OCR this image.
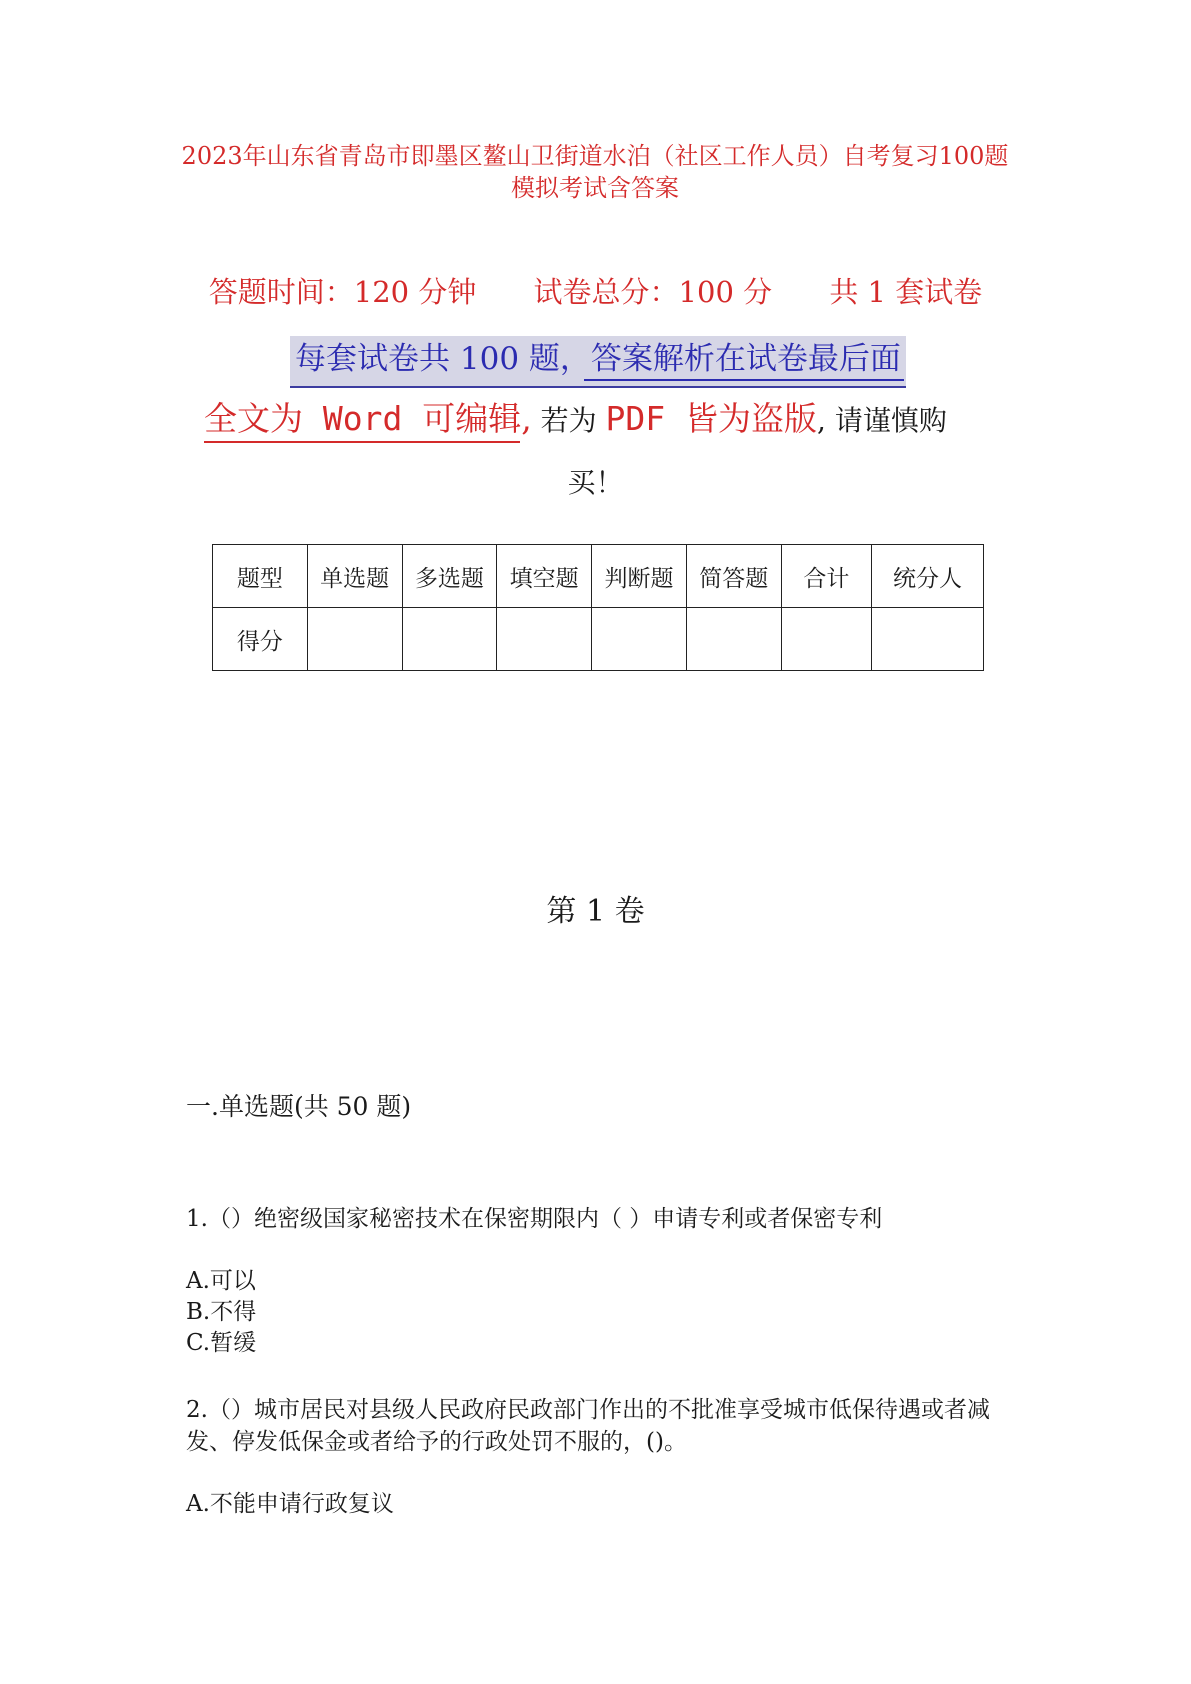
2023年山东省青岛市即墨区鳌山卫街道水泊（社区工作人员）自考复习100题
模拟考试含答案
答题时间：120 分钟 试卷总分：100 分 共 1 套试卷
每套试卷共 100 题，答案解析在试卷最后面
全文为 Word 可编辑, 若为 PDF 皆为盗版, 请谨慎购
买！
题型	单选题	多选题	填空题	判断题	简答题	合计	统分人
得分							
第 1 卷
一.单选题(共 50 题)
1.（）绝密级国家秘密技术在保密期限内（ ）申请专利或者保密专利
A.可以
B.不得
C.暂缓
2.（）城市居民对县级人民政府民政部门作出的不批准享受城市低保待遇或者减
发、停发低保金或者给予的行政处罚不服的，()。
A.不能申请行政复议
